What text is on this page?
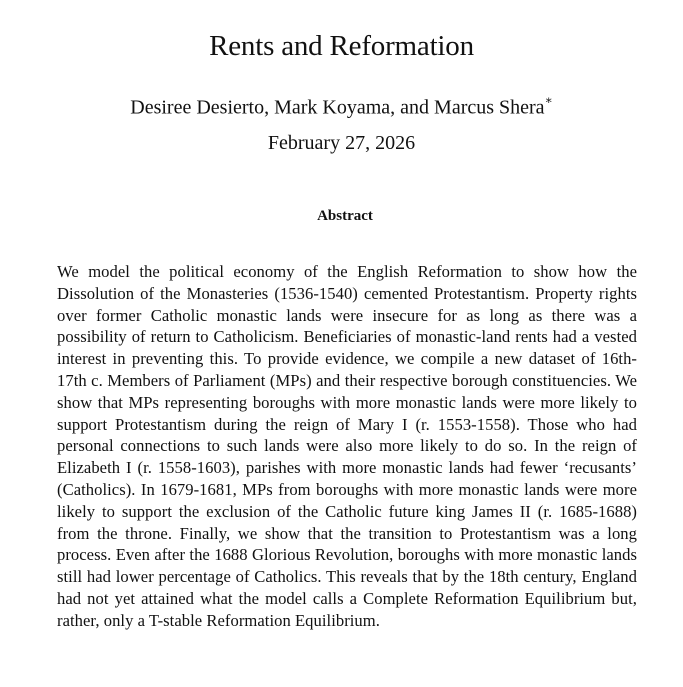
Rents and Reformation
Desiree Desierto, Mark Koyama, and Marcus Shera∗
February 27, 2026
Abstract
We model the political economy of the English Reformation to show how the Dissolution of the Monasteries (1536-1540) cemented Protestantism. Property rights over former Catholic monastic lands were insecure for as long as there was a possibility of return to Catholicism. Beneficiaries of monastic-land rents had a vested interest in preventing this. To provide evidence, we compile a new dataset of 16th-17th c. Members of Parliament (MPs) and their respective borough constituencies. We show that MPs representing boroughs with more monastic lands were more likely to support Protestantism during the reign of Mary I (r. 1553-1558). Those who had personal connections to such lands were also more likely to do so. In the reign of Elizabeth I (r. 1558-1603), parishes with more monastic lands had fewer ‘recusants’ (Catholics). In 1679-1681, MPs from boroughs with more monastic lands were more likely to support the exclusion of the Catholic future king James II (r. 1685-1688) from the throne. Finally, we show that the transition to Protestantism was a long process. Even after the 1688 Glorious Revolution, boroughs with more monastic lands still had lower percentage of Catholics. This reveals that by the 18th century, England had not yet attained what the model calls a Complete Reformation Equilibrium but, rather, only a T-stable Reformation Equilibrium.
